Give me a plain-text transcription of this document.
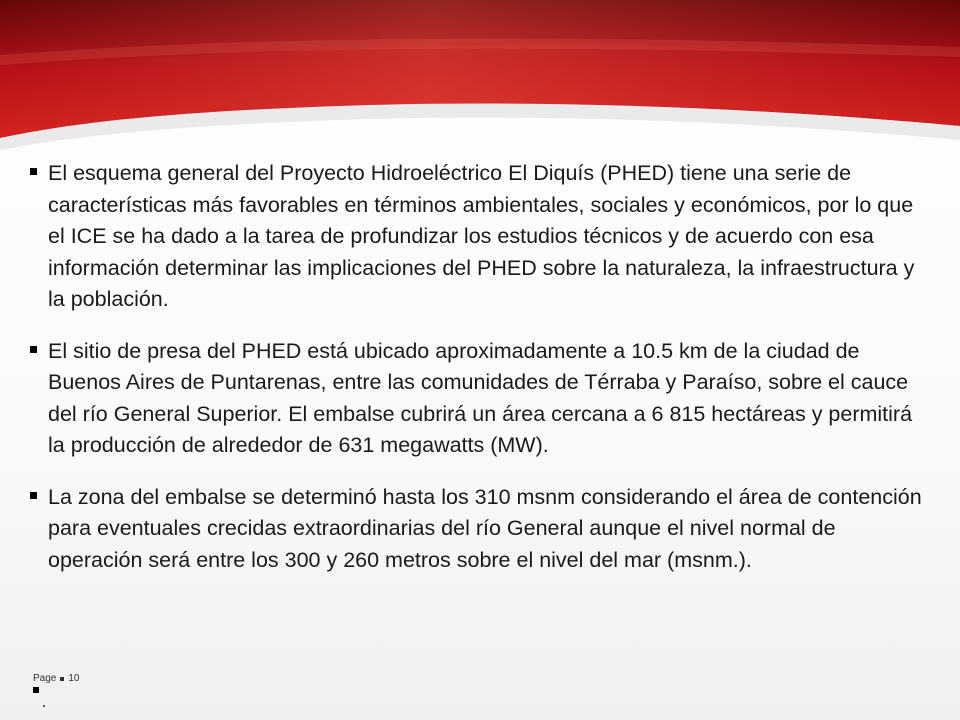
El esquema general del Proyecto Hidroeléctrico El Diquís (PHED) tiene una serie de características más favorables en términos ambientales, sociales y económicos, por lo que el ICE se ha dado a la tarea de profundizar los estudios técnicos y de acuerdo con esa información determinar las implicaciones del PHED sobre la naturaleza, la infraestructura y la población.

El sitio de presa del PHED está ubicado aproximadamente a 10.5 km de la ciudad de Buenos Aires de Puntarenas, entre las comunidades de Térraba y Paraíso, sobre el cauce del río General Superior. El embalse cubrirá un área cercana a 6 815 hectáreas y permitirá la producción de alrededor de 631 megawatts (MW).

La zona del embalse se determinó hasta los 310 msnm considerando el área de contención para eventuales crecidas extraordinarias del río General aunque el nivel normal de operación será entre los 300 y 260 metros sobre el nivel del mar (msnm.).

Page 10
